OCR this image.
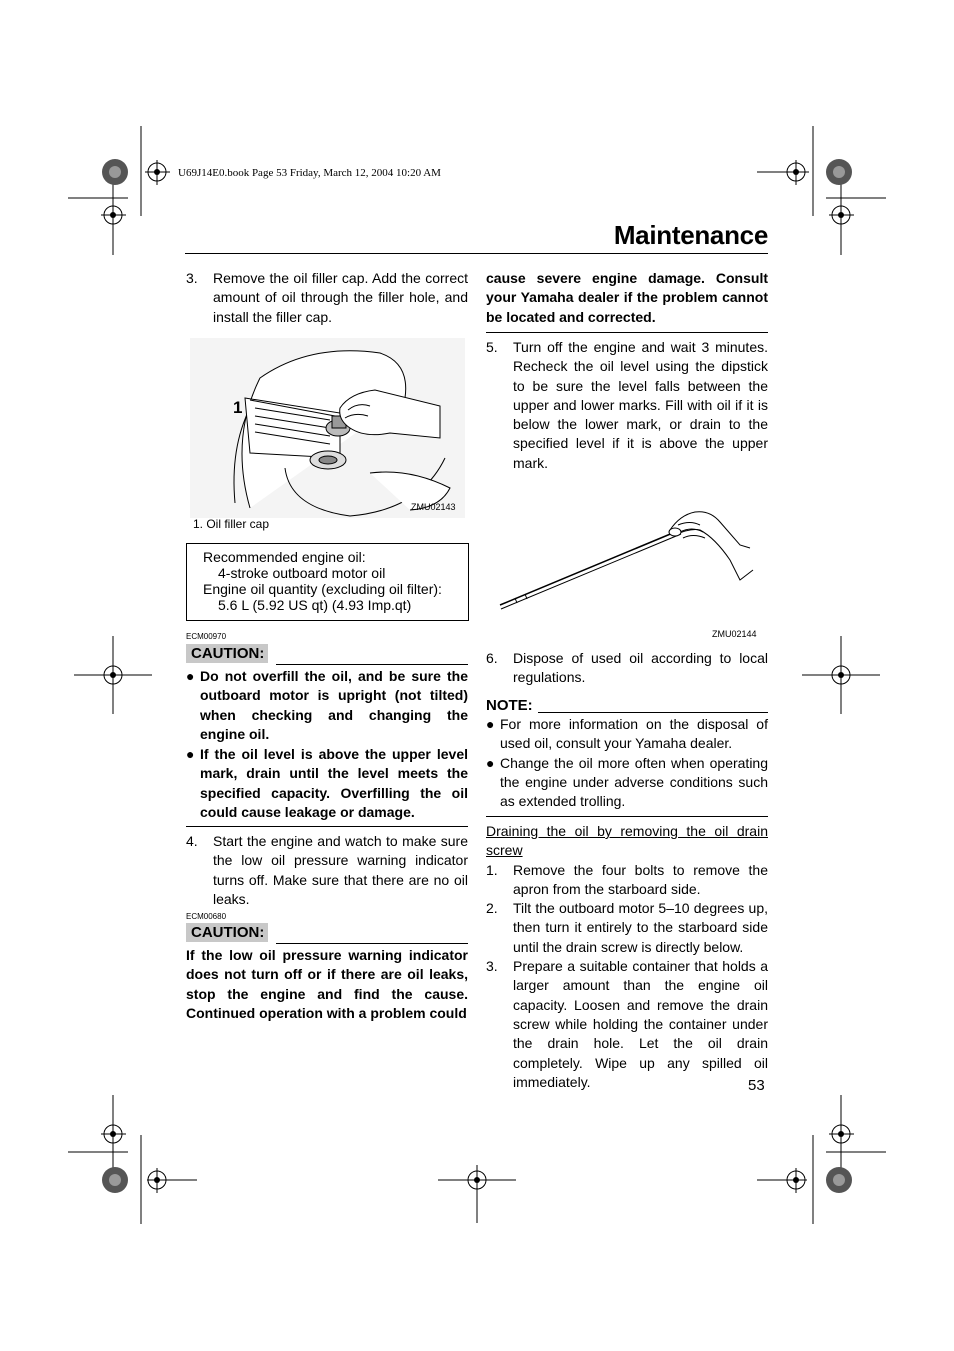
U69J14E0.book Page 53 Friday, March 12, 2004 10:20 AM
Maintenance
3. Remove the oil filler cap. Add the correct amount of oil through the filler hole, and install the filler cap.
1
ZMU02143
1. Oil filler cap
Recommended engine oil:
4-stroke outboard motor oil
Engine oil quantity (excluding oil filter):
5.6 L (5.92 US qt) (4.93 Imp.qt)
ECM00970
CAUTION:
● Do not overfill the oil, and be sure the outboard motor is upright (not tilted) when checking and changing the engine oil.
● If the oil level is above the upper level mark, drain until the level meets the specified capacity. Overfilling the oil could cause leakage or damage.
4. Start the engine and watch to make sure the low oil pressure warning indicator turns off. Make sure that there are no oil leaks.
ECM00680
CAUTION:
If the low oil pressure warning indicator does not turn off or if there are oil leaks, stop the engine and find the cause. Continued operation with a problem could
cause severe engine damage. Consult your Yamaha dealer if the problem cannot be located and corrected.
5. Turn off the engine and wait 3 minutes. Recheck the oil level using the dipstick to be sure the level falls between the upper and lower marks. Fill with oil if it is below the lower mark, or drain to the specified level if it is above the upper mark.
ZMU02144
6. Dispose of used oil according to local regulations.
NOTE:
● For more information on the disposal of used oil, consult your Yamaha dealer.
● Change the oil more often when operating the engine under adverse conditions such as extended trolling.
Draining the oil by removing the oil drain
screw
1. Remove the four bolts to remove the apron from the starboard side.
2. Tilt the outboard motor 5–10 degrees up, then turn it entirely to the starboard side until the drain screw is directly below.
3. Prepare a suitable container that holds a larger amount than the engine oil capacity. Loosen and remove the drain screw while holding the container under the drain hole. Let the oil drain completely. Wipe up any spilled oil immediately.	53
